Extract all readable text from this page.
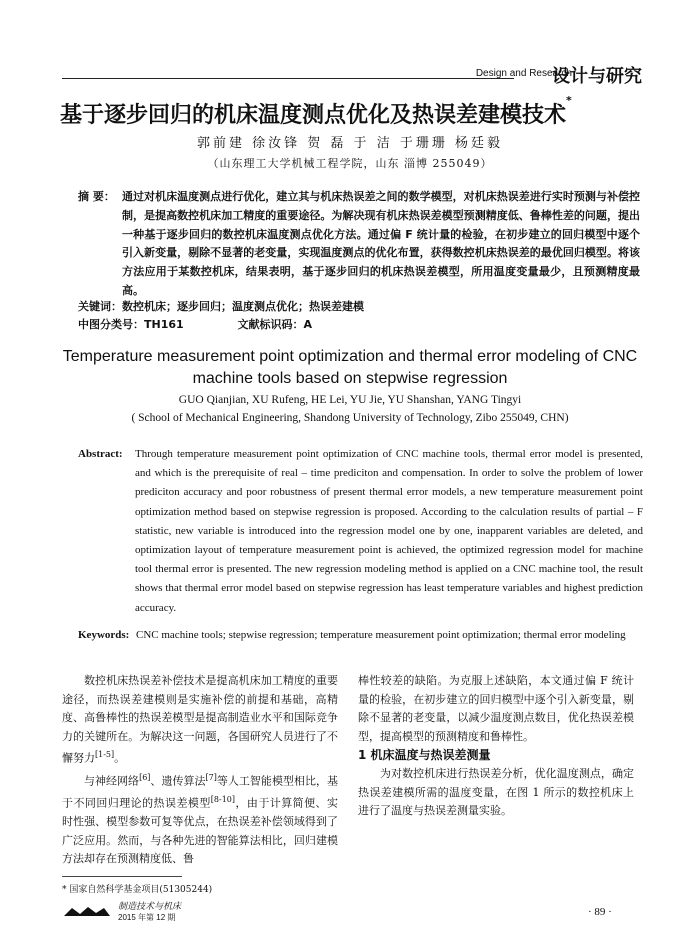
Design and Research
设计与研究
基于逐步回归的机床温度测点优化及热误差建模技术*
郭前建 徐汝锋 贺 磊 于 洁 于珊珊 杨廷毅
（山东理工大学机械工程学院，山东 淄博 255049）
摘 要： 通过对机床温度测点进行优化，建立其与机床热误差之间的数学模型，对机床热误差进行实时预测与补偿控制，是提高数控机床加工精度的重要途径。为解决现有机床热误差模型预测精度低、鲁棒性差的问题，提出一种基于逐步回归的数控机床温度测点优化方法。通过偏 F 统计量的检验，在初步建立的回归模型中逐个引入新变量，剔除不显著的老变量，实现温度测点的优化布置，获得数控机床热误差的最优回归模型。将该方法应用于某数控机床，结果表明，基于逐步回归的机床热误差模型，所用温度变量最少，且预测精度最高。
关键词：数控机床；逐步回归；温度测点优化；热误差建模
中图分类号：TH161	文献标识码：A
Temperature measurement point optimization and thermal error modeling of CNC machine tools based on stepwise regression
GUO Qianjian, XU Rufeng, HE Lei, YU Jie, YU Shanshan, YANG Tingyi
( School of Mechanical Engineering, Shandong University of Technology, Zibo 255049, CHN)
Abstract:	Through temperature measurement point optimization of CNC machine tools, thermal error model is presented, and which is the prerequisite of real – time prediciton and compensation. In order to solve the problem of lower prediciton accuracy and poor robustness of present thermal error models, a new temperature measurement point optimization method based on stepwise regression is proposed. According to the calculation results of partial – F statistic, new variable is introduced into the regression model one by one, inapparent variables are deleted, and optimization layout of temperature measurement point is achieved, the optimized regression model for machine tool thermal error is presented. The new regression modeling method is applied on a CNC machine tool, the result shows that thermal error model based on stepwise regression has least temperature variables and highest prediction accuracy.
Keywords: CNC machine tools; stepwise regression; temperature measurement point optimization; thermal error modeling

数控机床热误差补偿技术是提高机床加工精度的重要途径，而热误差建模则是实施补偿的前提和基础，高精度、高鲁棒性的热误差模型是提高制造业水平和国际竞争力的关键所在。为解决这一问题，各国研究人员进行了不懈努力[1-5]。

与神经网络[6]、遗传算法[7]等人工智能模型相比，基于不同回归理论的热误差模型[8-10]，由于计算简便、实时性强、模型参数可复等优点，在热误差补偿领域得到了广泛应用。然而，与各种先进的智能算法相比，回归建模方法却存在预测精度低、鲁

棒性较差的缺陷。为克服上述缺陷，本文通过偏 F 统计量的检验，在初步建立的回归模型中逐个引入新变量，剔除不显著的老变量，以减少温度测点数目，优化热误差模型，提高模型的预测精度和鲁棒性。

1 机床温度与热误差测量

为对数控机床进行热误差分析，优化温度测点，确定热误差建模所需的温度变量，在图 1 所示的数控机床上进行了温度与热误差测量实验。

* 国家自然科学基金项目(51305244)
制造技术与机床
2015 年第 12 期	· 89 ·
